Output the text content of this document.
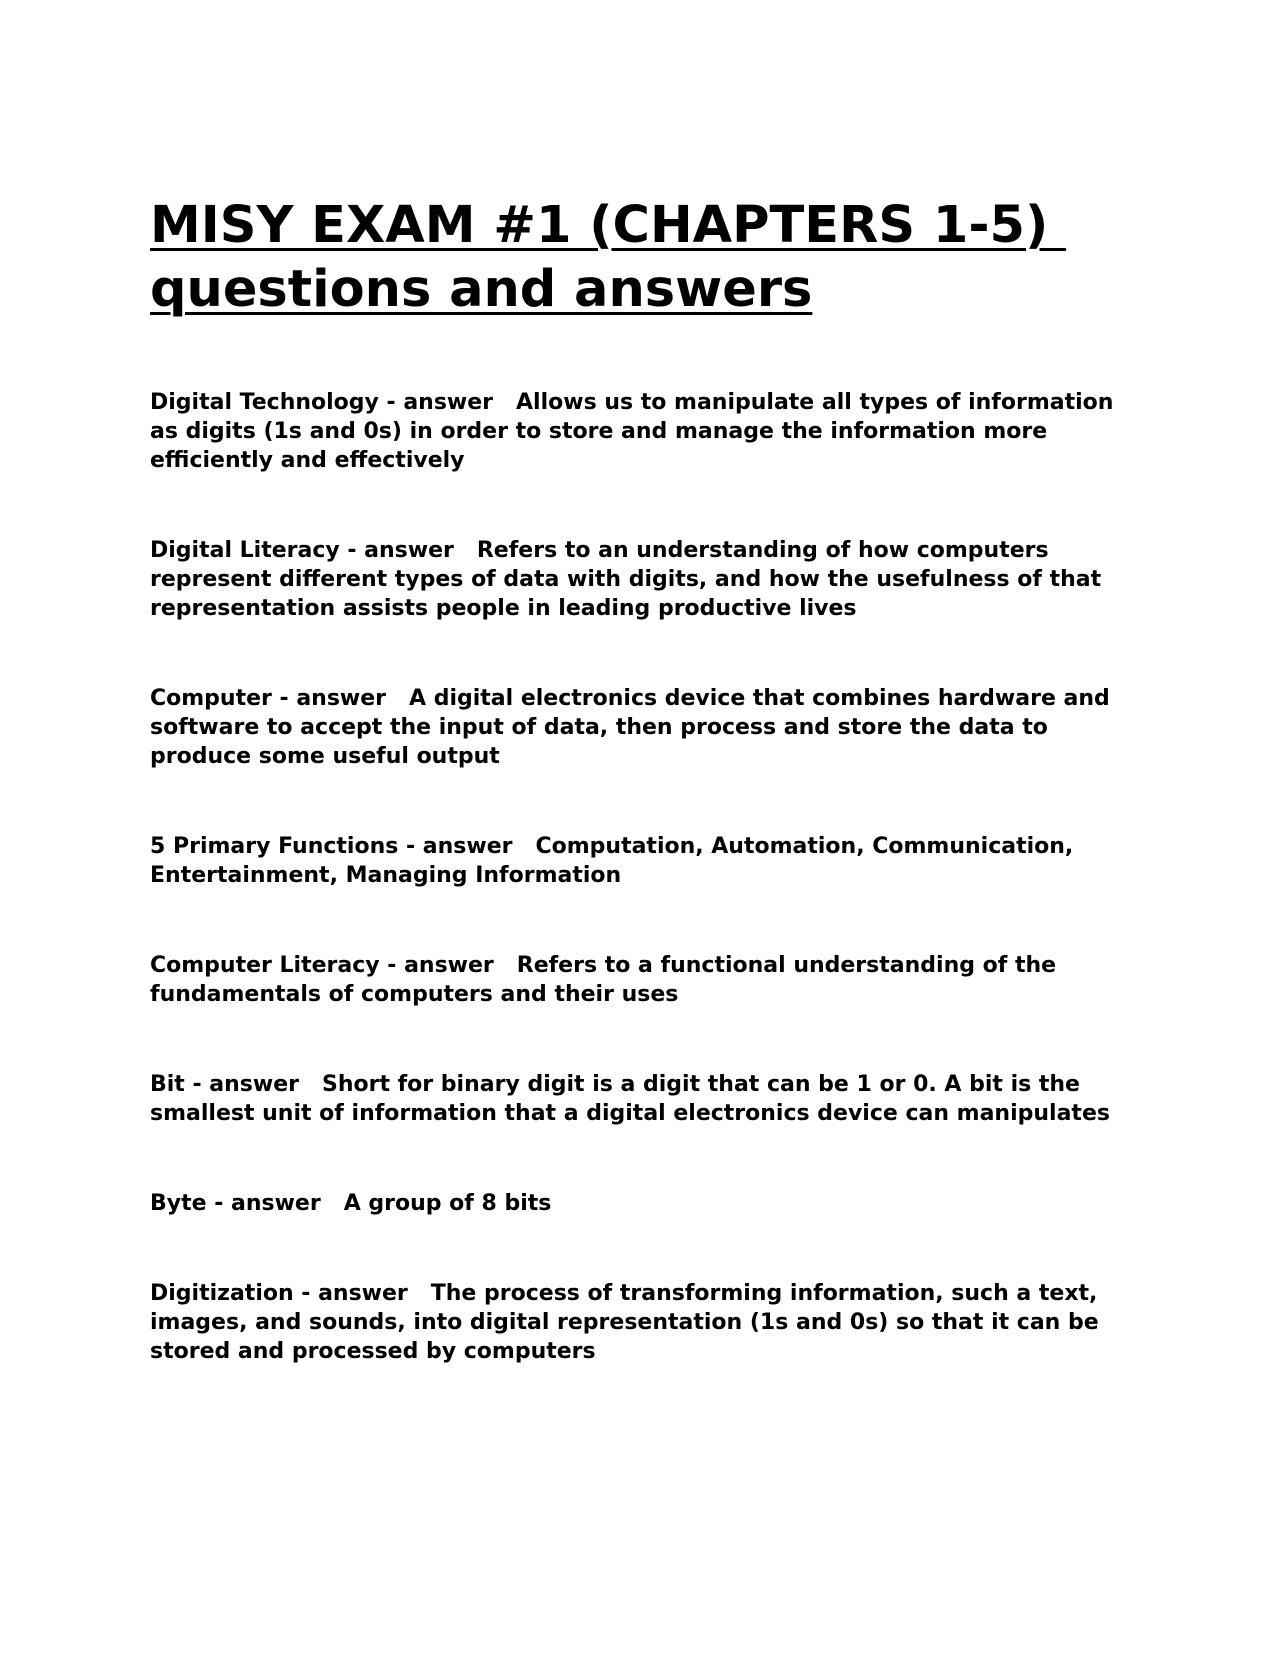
MISY EXAM #1 (CHAPTERS 1-5)
questions and answers

Digital Technology - answer Allows us to manipulate all types of information as digits (1s and 0s) in order to store and manage the information more efficiently and effectively

Digital Literacy - answer Refers to an understanding of how computers represent different types of data with digits, and how the usefulness of that representation assists people in leading productive lives

Computer - answer A digital electronics device that combines hardware and software to accept the input of data, then process and store the data to produce some useful output

5 Primary Functions - answer Computation, Automation, Communication, Entertainment, Managing Information

Computer Literacy - answer Refers to a functional understanding of the fundamentals of computers and their uses

Bit - answer Short for binary digit is a digit that can be 1 or 0. A bit is the smallest unit of information that a digital electronics device can manipulates

Byte - answer A group of 8 bits

Digitization - answer The process of transforming information, such a text, images, and sounds, into digital representation (1s and 0s) so that it can be stored and processed by computers
